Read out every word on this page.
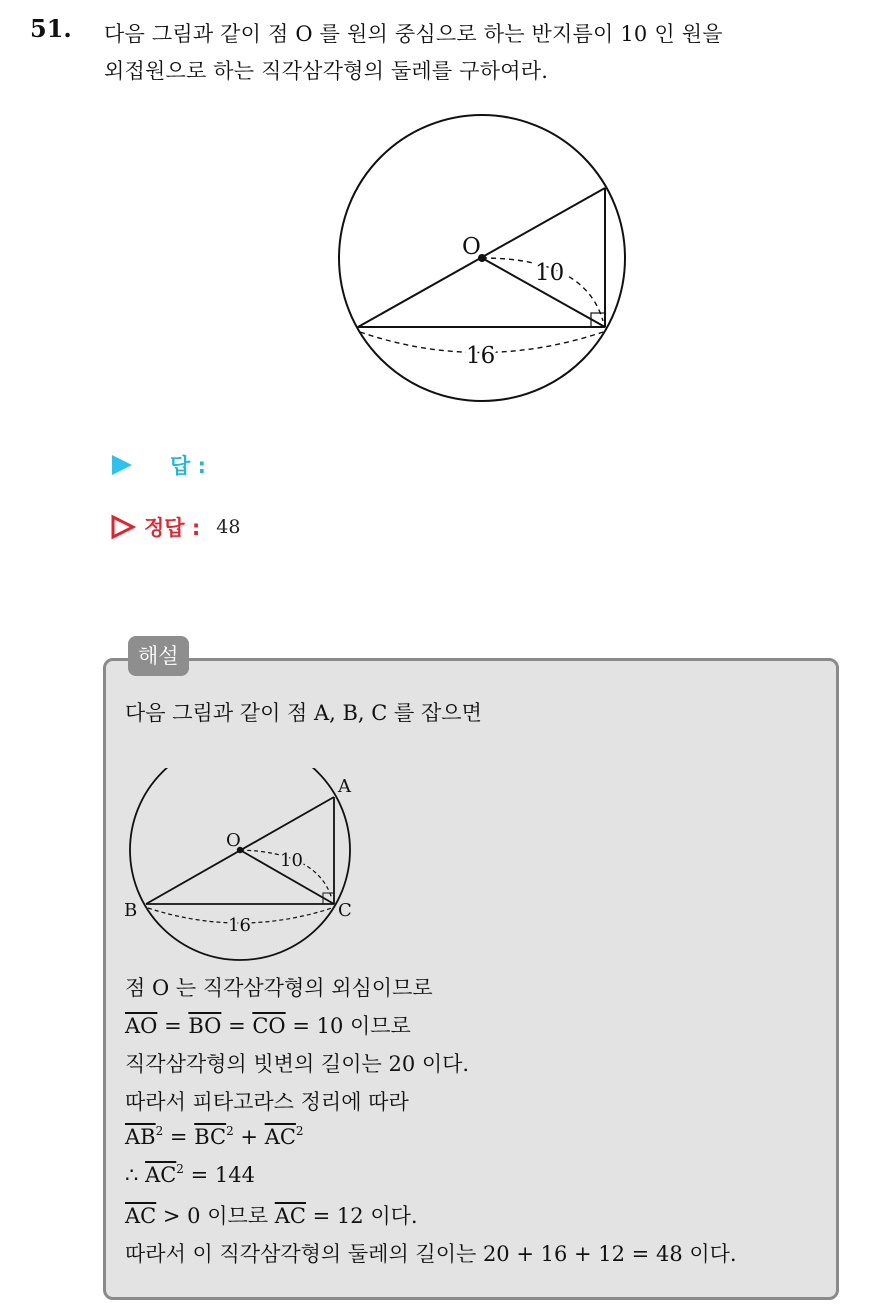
51. 다음 그림과 같이 점 O 를 원의 중심으로 하는 반지름이 10 인 원을
외접원으로 하는 직각삼각형의 둘레를 구하여라.
O
10
16
답 :
정답 : 48
해설
다음 그림과 같이 점 A, B, C 를 잡으면
A
B	C
O
10
16
점 O 는 직각삼각형의 외심이므로
$\overline{AO} = \overline{BO} = \overline{CO} = 10$ 이므로
직각삼각형의 빗변의 길이는 20 이다.
따라서 피타고라스 정리에 따라
$\overline{AB}^2 = \overline{BC}^2 + \overline{AC}^2$
∴ $\overline{AC}^2 = 144$
$\overline{AC} > 0$ 이므로 $\overline{AC} = 12$ 이다.
따라서 이 직각삼각형의 둘레의 길이는 20 + 16 + 12 = 48 이다.
